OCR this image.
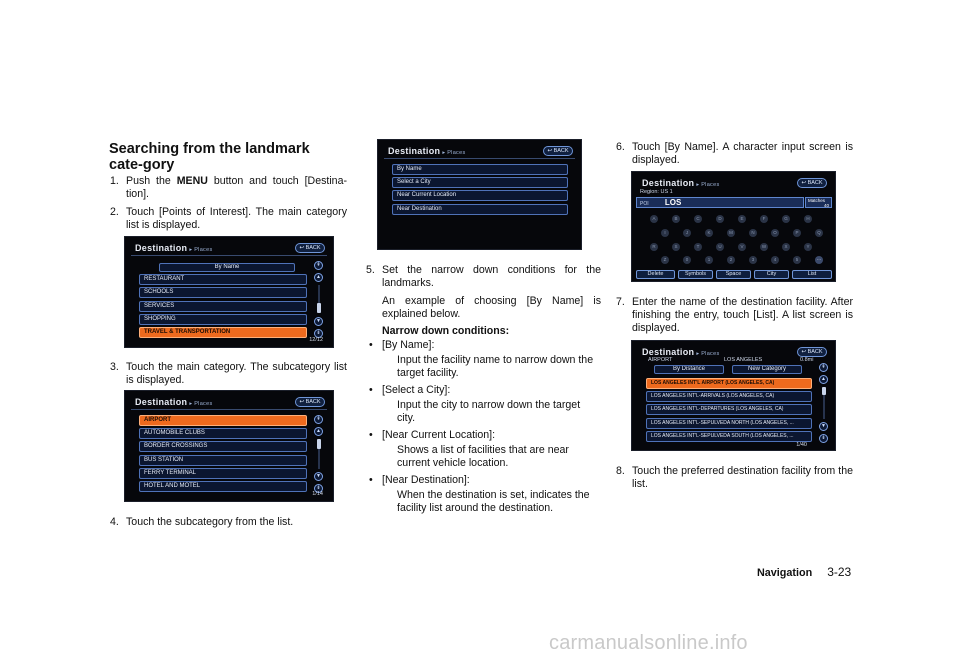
Searching from the landmark cate-gory
1. Push the MENU button and touch [Destina-tion].
2. Touch [Points of Interest]. The main category list is displayed.
Destination ▸ Places	↩ BACK
By Name
RESTAURANT
SCHOOLS
SERVICES
SHOPPING
TRAVEL & TRANSPORTATION
⇞
▲
▼
⇟
12/12
3. Touch the main category. The subcategory list is displayed.
Destination ▸ Places	↩ BACK
AIRPORT
AUTOMOBILE CLUBS
BORDER CROSSINGS
BUS STATION
FERRY TERMINAL
HOTEL AND MOTEL
⇞
▲
▼
⇟
1/14
4. Touch the subcategory from the list.
Destination ▸ Places	↩ BACK
By Name
Select a City
Near Current Location
Near Destination
5. Set the narrow down conditions for the landmarks.
An example of choosing [By Name] is explained below.
Narrow down conditions:
• [By Name]:
Input the facility name to narrow down the target facility.
• [Select a City]:
Input the city to narrow down the target city.
• [Near Current Location]:
Shows a list of facilities that are near current vehicle location.
• [Near Destination]:
When the destination is set, indicates the facility list around the destination.
6. Touch [By Name]. A character input screen is displayed.
Destination ▸ Places	↩ BACK
Region: US 1
POI LOS	Matches
40
A	B	C	D	E	F	G	H
I	J	K	M	N	O	P	Q
R	S	T	U	V	W	X	Y
Z	0	1	2	3	4	5	⋯
Delete	Symbols	Space	City	List
7. Enter the name of the destination facility. After finishing the entry, touch [List]. A list screen is displayed.
Destination ▸ Places	↩ BACK
AIRPORT	LOS ANGELES	0.8mi
By Distance	New Category
LOS ANGELES INT'L AIRPORT (LOS ANGELES, CA)
LOS ANGELES INT'L-ARRIVALS (LOS ANGELES, CA)
LOS ANGELES INT'L-DEPARTURES (LOS ANGELES, CA)
LOS ANGELES INT'L-SEPULVEDA NORTH (LOS ANGELES, ...
LOS ANGELES INT'L-SEPULVEDA SOUTH (LOS ANGELES, ...
⇞
▲
▼
⇟
1/40
8. Touch the preferred destination facility from the list.
Navigation 3-23
carmanualsonline.info
